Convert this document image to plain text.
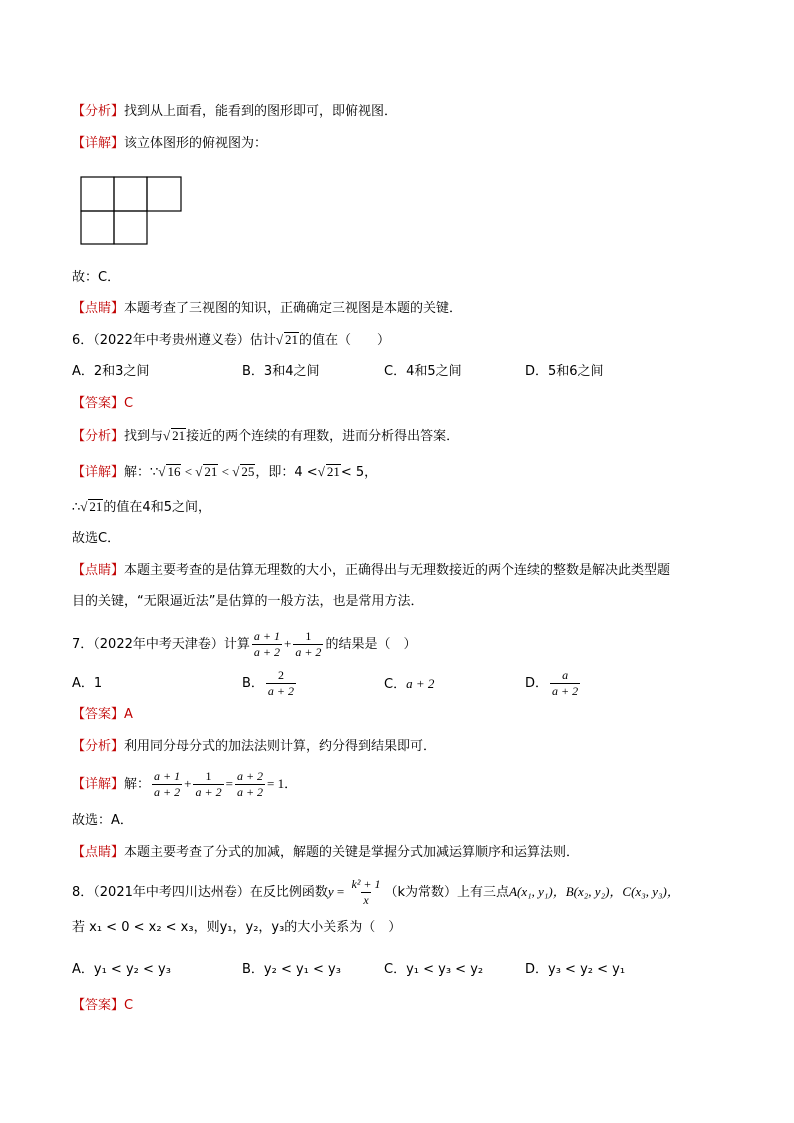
【分析】找到从上面看，能看到的图形即可，即俯视图．
【详解】该立体图形的俯视图为：
故：C．
【点睛】本题考查了三视图的知识，正确确定三视图是本题的关键．
6．（2022年中考贵州遵义卷）估计√ 21的值在（　　）
A．2和3之间	B．3和4之间	C．4和5之间	D．5和6之间
【答案】C
【分析】找到与√ 21接近的两个连续的有理数，进而分析得出答案．
【详解】解：∵√ 16 < √ 21 < √ 25，即：4 <√ 21< 5，
∴√ 21的值在4和5之间，
故选C．
【点睛】本题主要考查的是估算无理数的大小，正确得出与无理数接近的两个连续的整数是解决此类型题
目的关键，“无限逼近法”是估算的一般方法，也是常用方法．
7．（2022年中考天津卷）计算 $\frac{a + 1}{a + 2} + \frac{1}{a + 2}$ 的结果是（　）
A．1	B． $\frac{2}{a + 2}$	C．a + 2	D． $\frac{a}{a + 2}$
【答案】A
【分析】利用同分母分式的加法法则计算，约分得到结果即可．
【详解】解： $\frac{a + 1}{a + 2} + \frac{1}{a + 2} = \frac{a + 2}{a + 2} = 1$．
故选：A．
【点睛】本题主要考查了分式的加减，解题的关键是掌握分式加减运算顺序和运算法则．
8．（2021年中考四川达州卷）在反比例函数$y = \frac{\text{k² + 1}}{x} (k$为常数）上有三点A(x₁, y₁)，B(x₂, y₂)，C(x₃, y₃)，
若 x₁ < 0 < x₂ < x₃，则y₁，y₂，y₃的大小关系为（　）
A．y₁ < y₂ < y₃	B．y₂ < y₁ < y₃	C．y₁ < y₃ < y₂	D．y₃ < y₂ < y₁
【答案】C
